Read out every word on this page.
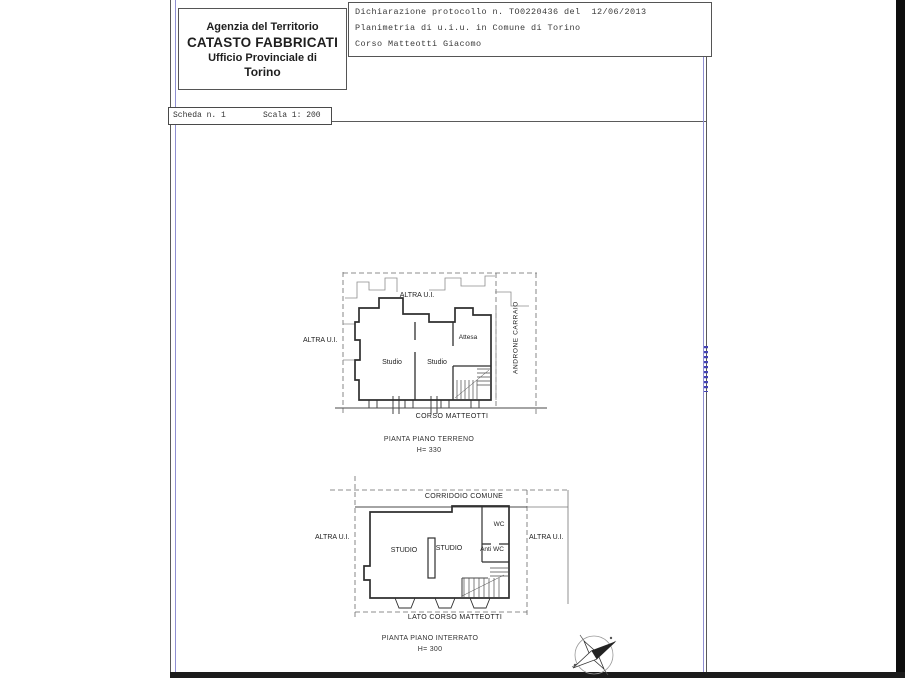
Agenzia del Territorio
CATASTO FABBRICATI
Ufficio Provinciale di
Torino
Dichiarazione protocollo n. TO0220436 del  12/06/2013
Planimetria di u.i.u. in Comune di Torino
Corso Matteotti Giacomo
Scheda n. 1	Scala 1: 200
ALTRA U.I.
ALTRA U.I.
Studio	Studio
Attesa	ANDRONE CARRAIO
CORSO MATTEOTTI
PIANTA PIANO TERRENO
H= 330
CORRIDOIO COMUNE
ALTRA U.I.	ALTRA U.I.
STUDIO	STUDIO
WC
Anti WC
LATO CORSO MATTEOTTI
PIANTA PIANO INTERRATO
H= 300
